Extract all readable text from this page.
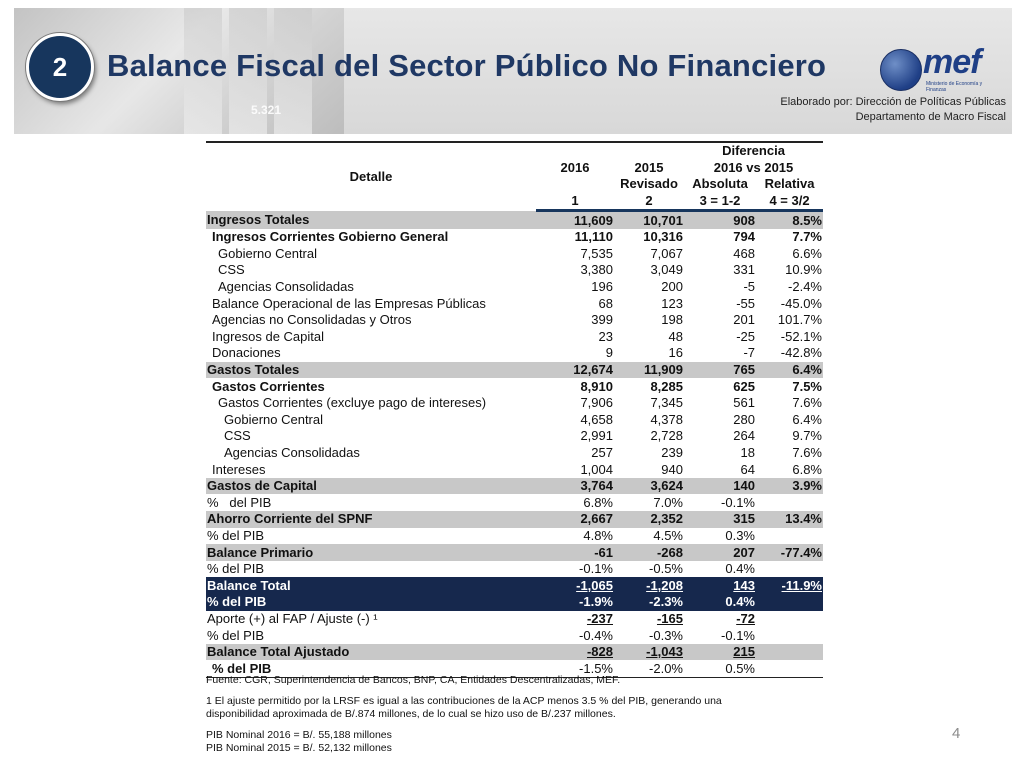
5.321
2	Balance Fiscal del Sector Público No Financiero	mef
Ministerio de Economía y Finanzas
Elaborado por: Dirección de Políticas Públicas
Departamento de Macro Fiscal
Detalle			Diferencia	
	2016	2015	2016 vs 2015	
		Revisado	Absoluta	Relativa
	1	2	3 = 1-2	4 = 3/2
Ingresos Totales	11,609	10,701	908	8.5%
Ingresos Corrientes Gobierno General	11,110	10,316	794	7.7%
Gobierno Central	7,535	7,067	468	6.6%
CSS	3,380	3,049	331	10.9%
Agencias Consolidadas	196	200	-5	-2.4%
Balance Operacional de las Empresas Públicas	68	123	-55	-45.0%
Agencias no Consolidadas y Otros	399	198	201	101.7%
Ingresos de Capital	23	48	-25	-52.1%
Donaciones	9	16	-7	-42.8%
Gastos Totales	12,674	11,909	765	6.4%
Gastos Corrientes	8,910	8,285	625	7.5%
Gastos Corrientes (excluye pago de intereses)	7,906	7,345	561	7.6%
Gobierno Central	4,658	4,378	280	6.4%
CSS	2,991	2,728	264	9.7%
Agencias Consolidadas	257	239	18	7.6%
Intereses	1,004	940	64	6.8%
Gastos de Capital	3,764	3,624	140	3.9%
%   del PIB	6.8%	7.0%	-0.1%	
Ahorro Corriente del SPNF	2,667	2,352	315	13.4%
% del PIB	4.8%	4.5%	0.3%	
Balance Primario	-61	-268	207	-77.4%
% del PIB	-0.1%	-0.5%	0.4%	
Balance Total	-1,065	-1,208	143	-11.9%
% del PIB	-1.9%	-2.3%	0.4%	
Aporte (+) al FAP / Ajuste (-) ¹	-237	-165	-72	
% del PIB	-0.4%	-0.3%	-0.1%	
Balance Total Ajustado	-828	-1,043	215	
% del PIB	-1.5%	-2.0%	0.5%	

Fuente: CGR, Superintendencia de Bancos, BNP, CA, Entidades Descentralizadas, MEF.

1 El ajuste permitido por la LRSF es igual a las contribuciones de la ACP menos 3.5 % del PIB, generando una disponibilidad aproximada de B/.874 millones, de lo cual se hizo uso de B/.237 millones.

PIB Nominal 2016 = B/. 55,188 millones

PIB Nominal 2015 = B/. 52,132 millones

4
